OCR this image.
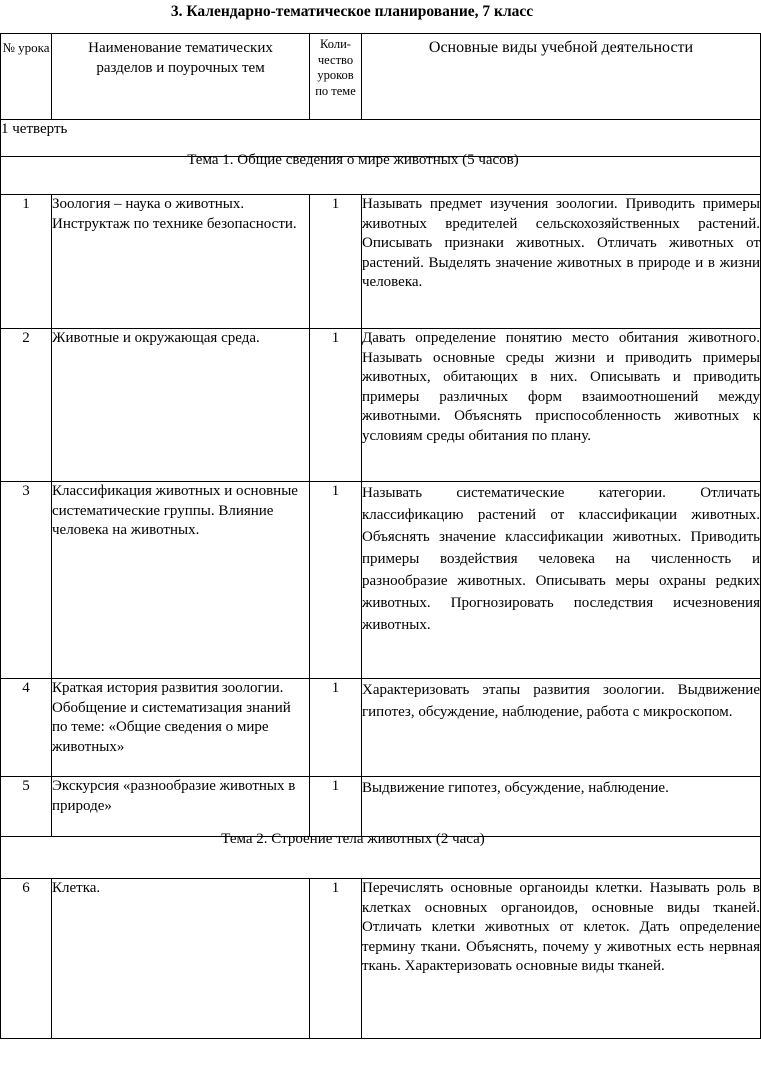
3. Календарно-тематическое планирование, 7 класс
№ урока	Наименование тематических разделов и поурочных тем	Коли-чество уроков по теме	Основные виды учебной деятельности

1 четверть			

Тема 1. Общие сведения о мире животных (5 часов)			

1	Зоология – наука о животных. Инструктаж по технике безопасности.	1	Называть предмет изучения зоологии. Приводить примеры животных вредителей сельскохозяйственных растений. Описывать признаки животных. Отличать животных от растений. Выделять значение животных в природе и в жизни человека.
2	Животные и окружающая среда.	1	Давать определение понятию место обитания животного. Называть основные среды жизни и приводить примеры животных, обитающих в них. Описывать и приводить примеры различных форм взаимоотношений между животными. Объяснять приспособленность животных к условиям среды обитания по плану.
3	Классификация животных и основные систематические группы. Влияние человека на животных.	1	Называть систематические категории. Отличать классификацию растений от классификации животных. Объяснять значение классификации животных. Приводить примеры воздействия человека на численность и разнообразие животных. Описывать меры охраны редких животных. Прогнозировать последствия исчезновения животных.
4	Краткая история развития зоологии. Обобщение и систематизация знаний по теме: «Общие сведения о мире животных»	1	Характеризовать этапы развития зоологии. Выдвижение гипотез, обсуждение, наблюдение, работа с микроскопом.
5	Экскурсия «разнообразие животных в природе»	1	Выдвижение гипотез, обсуждение, наблюдение.

Тема 2. Строение тела животных (2 часа)			

6	Клетка.	1	Перечислять основные органоиды клетки. Называть роль в клетках основных органоидов, основные виды тканей. Отличать клетки животных от клеток. Дать определение термину ткани. Объяснять, почему у животных есть нервная ткань. Характеризовать основные виды тканей.
